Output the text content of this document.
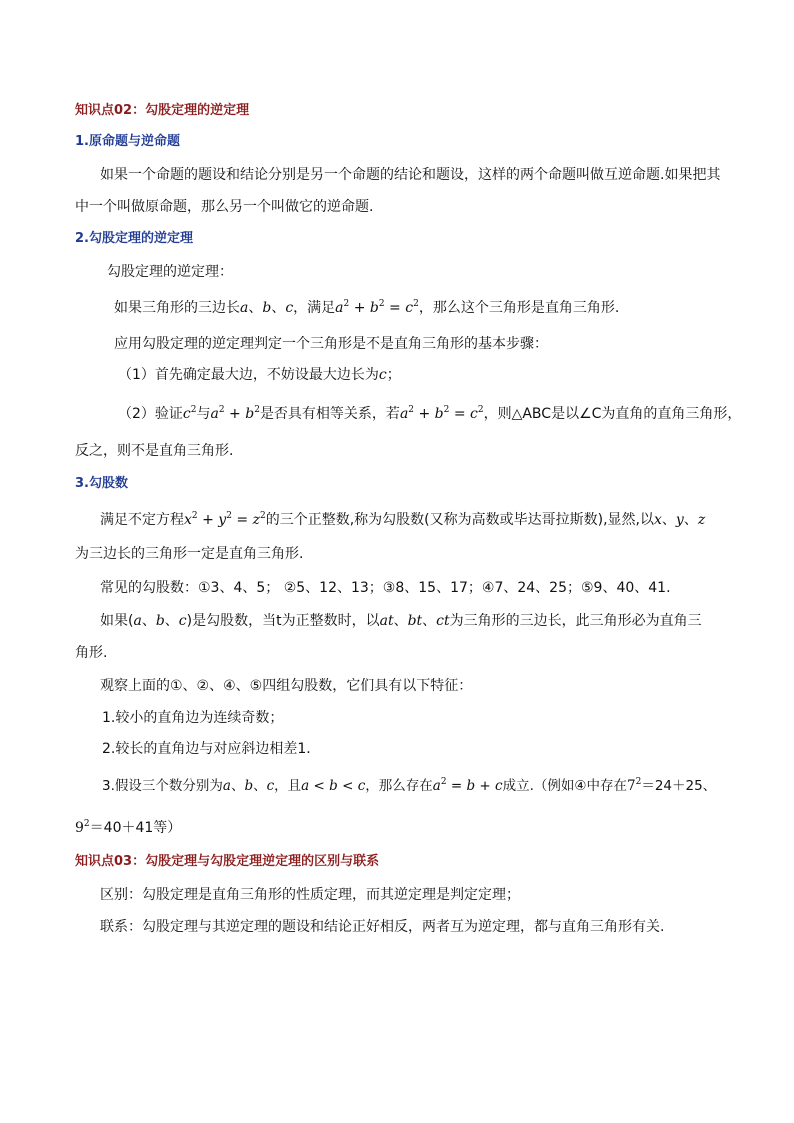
知识点02：勾股定理的逆定理
1.原命题与逆命题
如果一个命题的题设和结论分别是另一个命题的结论和题设，这样的两个命题叫做互逆命题.如果把其
中一个叫做原命题，那么另一个叫做它的逆命题.
2.勾股定理的逆定理
勾股定理的逆定理：
如果三角形的三边长a、b、c，满足$a^2 + b^2 = c^2$，那么这个三角形是直角三角形.
应用勾股定理的逆定理判定一个三角形是不是直角三角形的基本步骤：
（1）首先确定最大边，不妨设最大边长为c；
（2）验证$c^2$与$a^2 + b^2$是否具有相等关系，若$a^2 + b^2 = c^2$，则△ABC是以∠C为直角的直角三角形，
反之，则不是直角三角形.
3.勾股数
满足不定方程$x^2 + y^2 = z^2$的三个正整数,称为勾股数(又称为高数或毕达哥拉斯数),显然,以x、y、z
为三边长的三角形一定是直角三角形.
常见的勾股数：①3、4、5； ②5、12、13；③8、15、17；④7、24、25；⑤9、40、41.
如果(a、b、c)是勾股数，当t为正整数时，以at、bt、ct为三角形的三边长，此三角形必为直角三
角形.
观察上面的①、②、④、⑤四组勾股数，它们具有以下特征：
1.较小的直角边为连续奇数；
2.较长的直角边与对应斜边相差1.
3.假设三个数分别为a、b、c，且a < b < c，那么存在$a^2 = b + c$成立.（例如④中存在$7^2=24+25$、
$9^2=40+41$等）
知识点03：勾股定理与勾股定理逆定理的区别与联系
区别：勾股定理是直角三角形的性质定理，而其逆定理是判定定理；
联系：勾股定理与其逆定理的题设和结论正好相反，两者互为逆定理，都与直角三角形有关.
